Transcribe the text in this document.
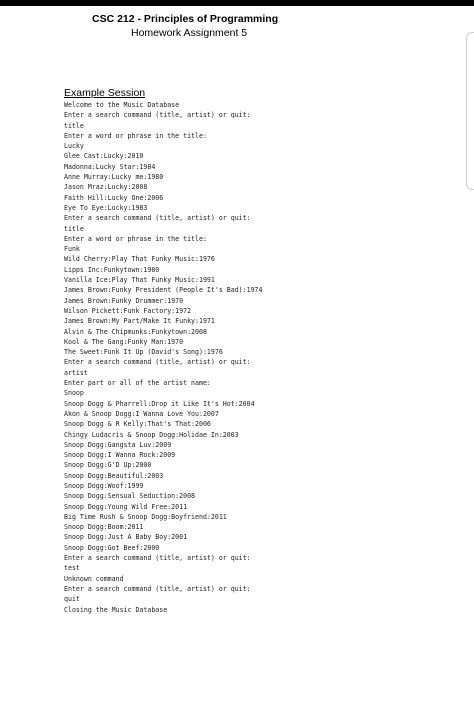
CSC 212 - Principles of Programming
Homework Assignment 5
Example Session
Welcome to the Music Database
Enter a search command (title, artist) or quit:
title
Enter a word or phrase in the title:
Lucky
Glee Cast:Lucky:2010
Madonna:Lucky Star:1984
Anne Murray:Lucky me:1980
Jason Mraz:Lucky:2008
Faith Hill:Lucky One:2006
Eye To Eye:Lucky:1983
Enter a search command (title, artist) or quit:
title
Enter a word or phrase in the title:
Funk
Wild Cherry:Play That Funky Music:1976
Lipps Inc:Funkytown:1980
Vanilla Ice:Play That Funky Music:1991
James Brown:Funky President (People It's Bad):1974
James Brown:Funky Drummer:1970
Wilson Pickett:Funk Factory:1972
James Brown:My Part/Make It Funky:1971
Alvin & The Chipmunks:Funkytown:2008
Kool & The Gang:Funky Man:1970
The Sweet:Funk It Up (David's Song):1976
Enter a search command (title, artist) or quit:
artist
Enter part or all of the artist name:
Snoop
Snoop Dogg & Pharrell:Drop it Like It's Hot:2004
Akon & Snoop Dogg:I Wanna Love You:2007
Snoop Dogg & R Kelly:That's That:2006
Chingy Ludacris & Snoop Dogg:Holidae In:2003
Snoop Dogg:Gangsta Luv:2009
Snoop Dogg:I Wanna Rock:2009
Snoop Dogg:G'D Up:2000
Snoop Dogg:Beautiful:2003
Snoop Dogg:Woof:1999
Snoop Dogg:Sensual Seduction:2008
Snoop Dogg:Young Wild Free:2011
Big Time Rush & Snoop Dogg:Boyfriend:2011
Snoop Dogg:Boom:2011
Snoop Dogg:Just A Baby Boy:2001
Snoop Dogg:Got Beef:2000
Enter a search command (title, artist) or quit:
test
Unknown command
Enter a search command (title, artist) or quit:
quit
Closing the Music Database
